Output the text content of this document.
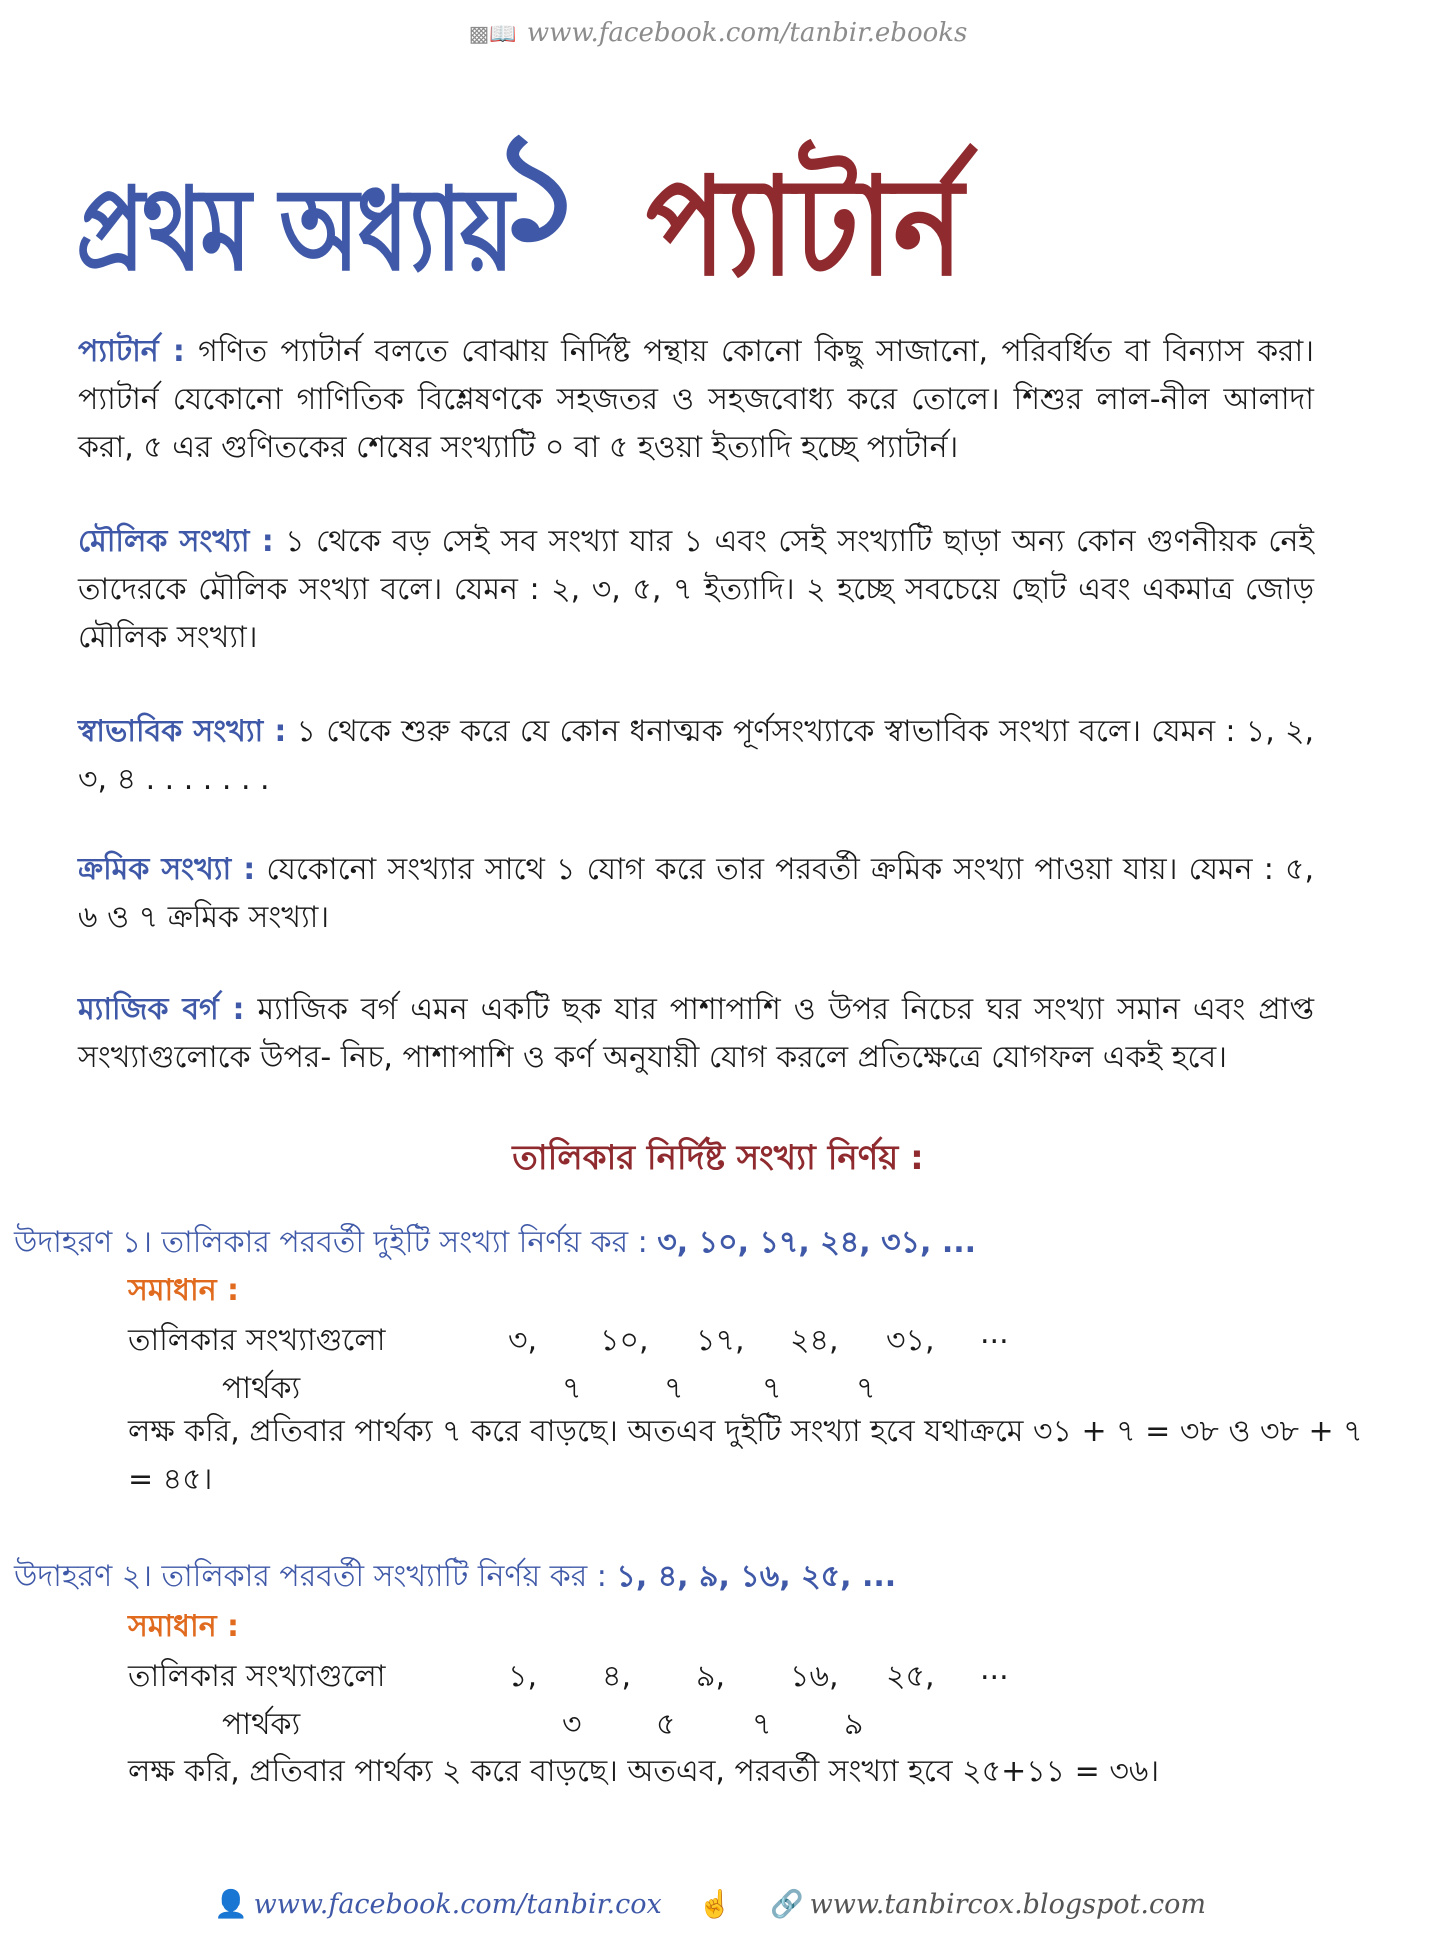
▩📖 www.facebook.com/tanbir.ebooks
প্রথম অধ্যায়
১ প্যাটার্ন
প্যাটার্ন : গণিত প্যাটার্ন বলতে বোঝায় নির্দিষ্ট পন্থায় কোনো কিছু সাজানো, পরিবর্ধিত বা বিন্যাস করা। প্যাটার্ন যেকোনো গাণিতিক বিশ্লেষণকে সহজতর ও সহজবোধ্য করে তোলে। শিশুর লাল-নীল আলাদা করা, ৫ এর গুণিতকের শেষের সংখ্যাটি ০ বা ৫ হওয়া ইত্যাদি হচ্ছে প্যাটার্ন।
মৌলিক সংখ্যা : ১ থেকে বড় সেই সব সংখ্যা যার ১ এবং সেই সংখ্যাটি ছাড়া অন্য কোন গুণনীয়ক নেই তাদেরকে মৌলিক সংখ্যা বলে। যেমন : ২, ৩, ৫, ৭ ইত্যাদি। ২ হচ্ছে সবচেয়ে ছোট এবং একমাত্র জোড় মৌলিক সংখ্যা।
স্বাভাবিক সংখ্যা : ১ থেকে শুরু করে যে কোন ধনাত্মক পূর্ণসংখ্যাকে স্বাভাবিক সংখ্যা বলে। যেমন : ১, ২, ৩, ৪ . . . . . . .
ক্রমিক সংখ্যা : যেকোনো সংখ্যার সাথে ১ যোগ করে তার পরবর্তী ক্রমিক সংখ্যা পাওয়া যায়। যেমন : ৫, ৬ ও ৭ ক্রমিক সংখ্যা।
ম্যাজিক বর্গ : ম্যাজিক বর্গ এমন একটি ছক যার পাশাপাশি ও উপর নিচের ঘর সংখ্যা সমান এবং প্রাপ্ত সংখ্যাগুলোকে উপর- নিচ, পাশাপাশি ও কর্ণ অনুযায়ী যোগ করলে প্রতিক্ষেত্রে যোগফল একই হবে।
তালিকার নির্দিষ্ট সংখ্যা নির্ণয় :
উদাহরণ ১। তালিকার পরবর্তী দুইটি সংখ্যা নির্ণয় কর : ৩, ১০, ১৭, ২৪, ৩১, ...
সমাধান :
তালিকার সংখ্যাগুলো	৩, ১০, ১৭, ২৪, ৩১, ...
পার্থক্য	৭	৭	৭ ৭
লক্ষ করি, প্রতিবার পার্থক্য ৭ করে বাড়ছে। অতএব দুইটি সংখ্যা হবে যথাক্রমে ৩১ + ৭ = ৩৮ ও ৩৮ + ৭ = ৪৫।
উদাহরণ ২। তালিকার পরবর্তী সংখ্যাটি নির্ণয় কর : ১, ৪, ৯, ১৬, ২৫, ...
সমাধান :
তালিকার সংখ্যাগুলো	১, ৪, ৯, ১৬, ২৫, ...
পার্থক্য	৩ ৫	৭ ৯
লক্ষ করি, প্রতিবার পার্থক্য ২ করে বাড়ছে। অতএব, পরবর্তী সংখ্যা হবে ২৫+১১ = ৩৬।
👤 www.facebook.com/tanbir.cox ☝ 🔗 www.tanbircox.blogspot.com
